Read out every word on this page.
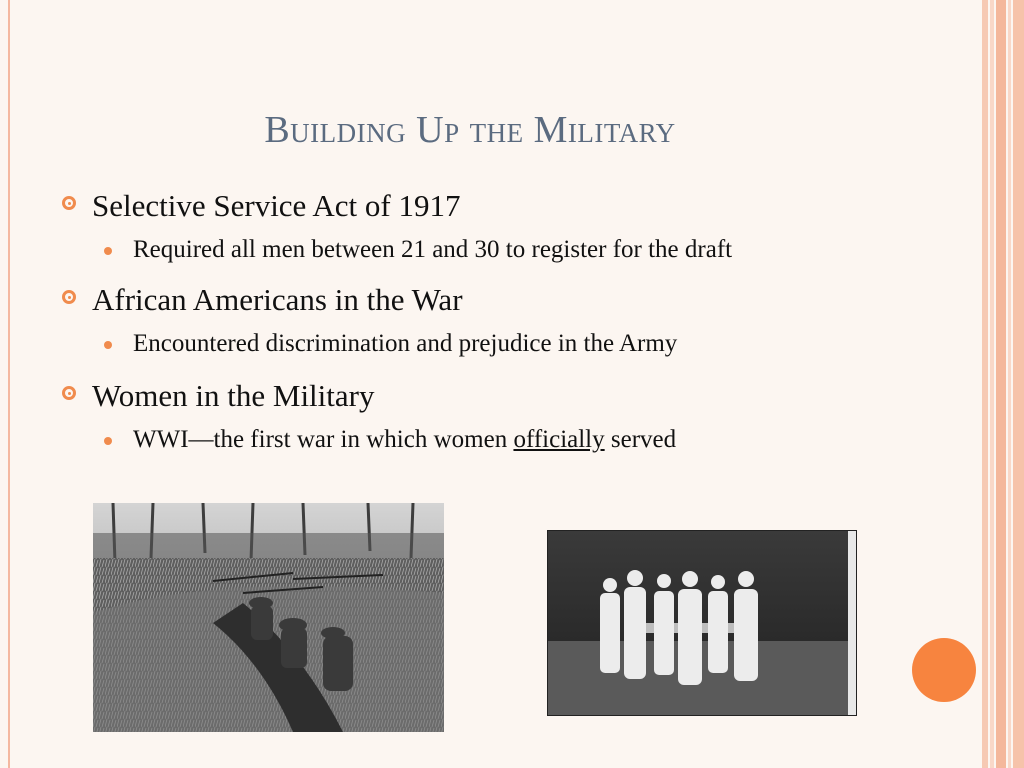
Building Up the Military
Selective Service Act of 1917
Required all men between 21 and 30 to register for the draft
African Americans in the War
Encountered discrimination and prejudice in the Army
Women in the Military
WWI—the first war in which women officially served
